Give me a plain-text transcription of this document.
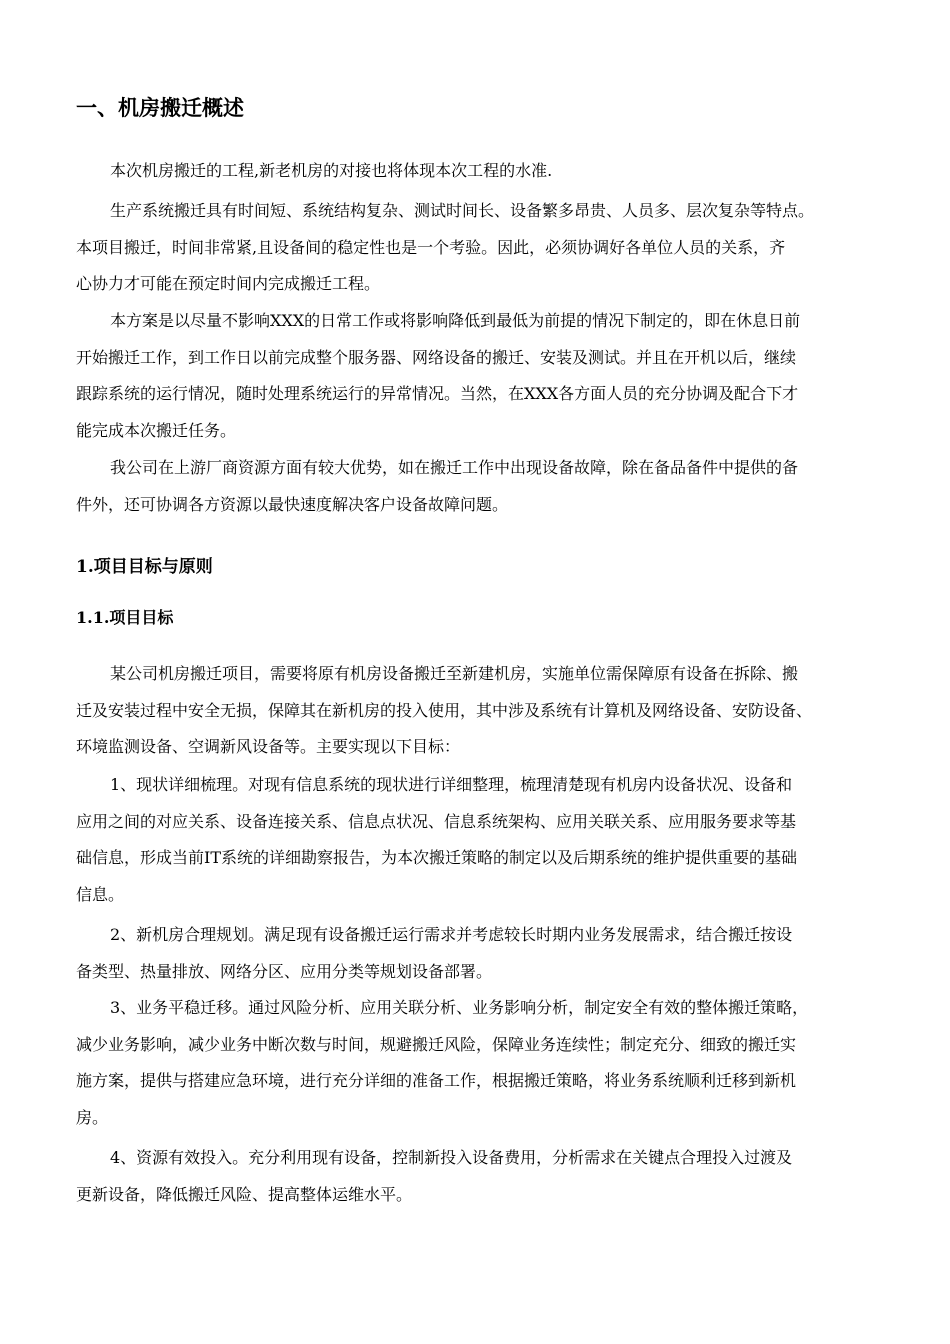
一、机房搬迁概述
本次机房搬迁的工程,新老机房的对接也将体现本次工程的水准.
生产系统搬迁具有时间短、系统结构复杂、测试时间长、设备繁多昂贵、人员多、层次复杂等特点。
本项目搬迁，时间非常紧,且设备间的稳定性也是一个考验。因此，必须协调好各单位人员的关系，齐
心协力才可能在预定时间内完成搬迁工程。
本方案是以尽量不影响XXX的日常工作或将影响降低到最低为前提的情况下制定的，即在休息日前
开始搬迁工作，到工作日以前完成整个服务器、网络设备的搬迁、安装及测试。并且在开机以后，继续
跟踪系统的运行情况，随时处理系统运行的异常情况。当然，在XXX各方面人员的充分协调及配合下才
能完成本次搬迁任务。
我公司在上游厂商资源方面有较大优势，如在搬迁工作中出现设备故障，除在备品备件中提供的备
件外，还可协调各方资源以最快速度解决客户设备故障问题。
1.项目目标与原则
1.1.项目目标
某公司机房搬迁项目，需要将原有机房设备搬迁至新建机房，实施单位需保障原有设备在拆除、搬
迁及安装过程中安全无损，保障其在新机房的投入使用，其中涉及系统有计算机及网络设备、安防设备、
环境监测设备、空调新风设备等。主要实现以下目标：
1、现状详细梳理。对现有信息系统的现状进行详细整理，梳理清楚现有机房内设备状况、设备和
应用之间的对应关系、设备连接关系、信息点状况、信息系统架构、应用关联关系、应用服务要求等基
础信息，形成当前IT系统的详细勘察报告，为本次搬迁策略的制定以及后期系统的维护提供重要的基础
信息。
2、新机房合理规划。满足现有设备搬迁运行需求并考虑较长时期内业务发展需求，结合搬迁按设
备类型、热量排放、网络分区、应用分类等规划设备部署。
3、业务平稳迁移。通过风险分析、应用关联分析、业务影响分析，制定安全有效的整体搬迁策略，
减少业务影响，减少业务中断次数与时间，规避搬迁风险，保障业务连续性；制定充分、细致的搬迁实
施方案，提供与搭建应急环境，进行充分详细的准备工作，根据搬迁策略，将业务系统顺利迁移到新机
房。
4、资源有效投入。充分利用现有设备，控制新投入设备费用，分析需求在关键点合理投入过渡及
更新设备，降低搬迁风险、提高整体运维水平。
